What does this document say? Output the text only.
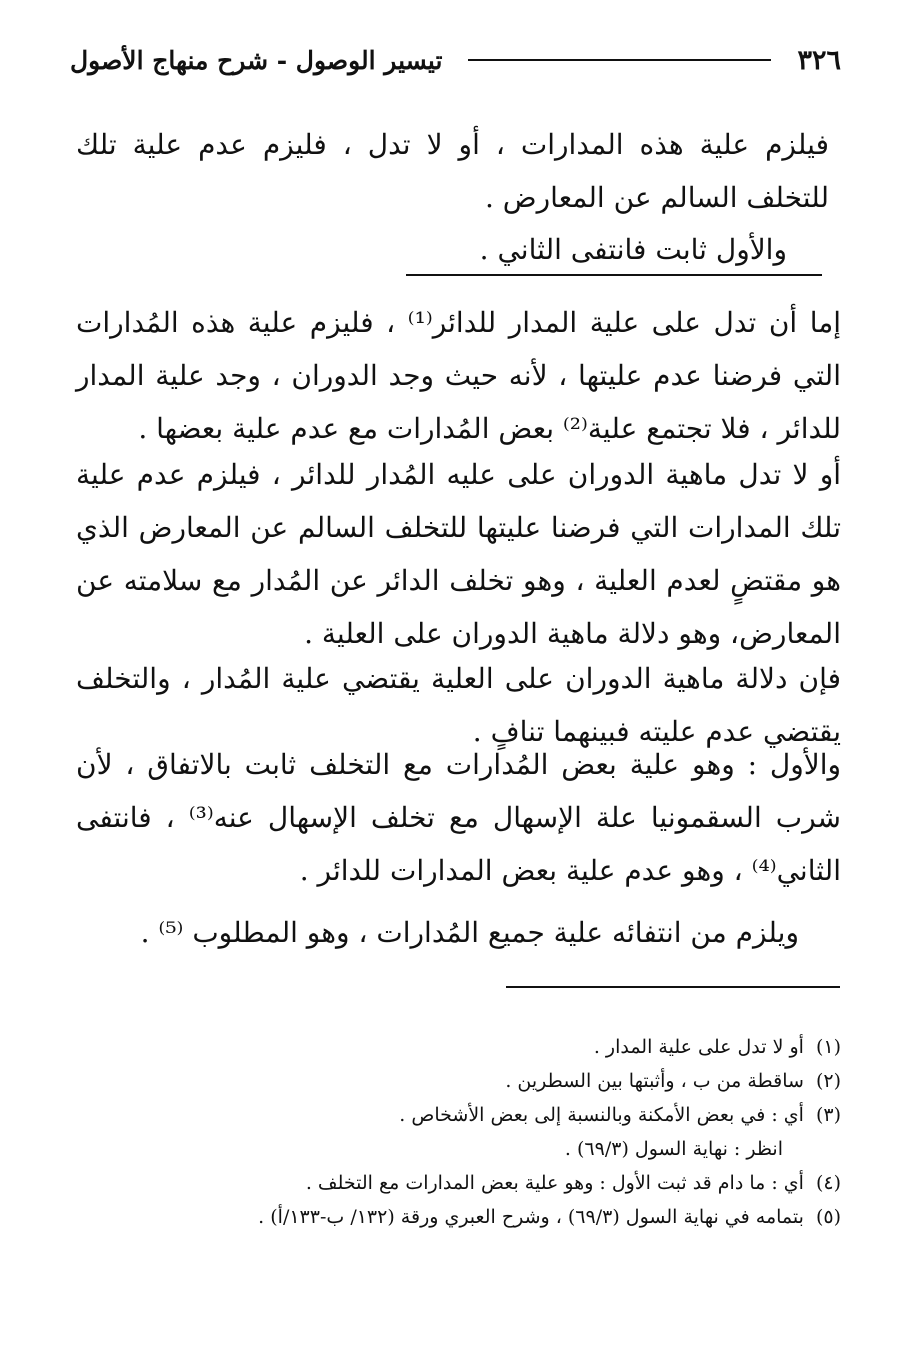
٣٢٦
تيسير الوصول - شرح منهاج الأصول

فيلزم علية هذه المدارات ، أو لا تدل ، فليزم عدم علية تلك للتخلف السالم عن المعارض .

والأول ثابت فانتفى الثاني .

إما أن تدل على علية المدار للدائر⁽¹⁾ ، فليزم علية هذه المُدارات التي فرضنا عدم عليتها ، لأنه حيث وجد الدوران ، وجد علية المدار للدائر ، فلا تجتمع علية⁽²⁾ بعض المُدارات مع عدم علية بعضها .

أو لا تدل ماهية الدوران على عليه المُدار للدائر ، فيلزم عدم علية تلك المدارات التي فرضنا عليتها للتخلف السالم عن المعارض الذي هو مقتضٍ لعدم العلية ، وهو تخلف الدائر عن المُدار مع سلامته عن المعارض، وهو دلالة ماهية الدوران على العلية .

فإن دلالة ماهية الدوران على العلية يقتضي علية المُدار ، والتخلف يقتضي عدم عليته فبينهما تنافٍ .

والأول : وهو علية بعض المُدارات مع التخلف ثابت بالاتفاق ، لأن شرب السقمونيا علة الإسهال مع تخلف الإسهال عنه⁽³⁾ ، فانتفى الثاني⁽⁴⁾ ، وهو عدم علية بعض المدارات للدائر .

ويلزم من انتفائه علية جميع المُدارات ، وهو المطلوب ⁽⁵⁾ .

(١)أو لا تدل على علية المدار .

(٢)ساقطة من ب ، وأثبتها بين السطرين .

(٣)أي : في بعض الأمكنة وبالنسبة إلى بعض الأشخاص .

انظر : نهاية السول (٦٩/٣) .

(٤)أي : ما دام قد ثبت الأول : وهو علية بعض المدارات مع التخلف .

(٥)بتمامه في نهاية السول (٦٩/٣) ، وشرح العبري ورقة (١٣٢/ ب-١٣٣/أ) .
